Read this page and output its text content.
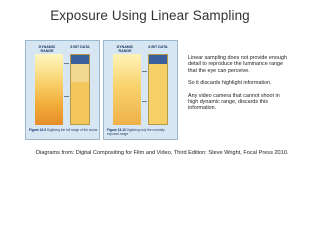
Exposure Using Linear Sampling
DYNAMIC RANGE
8 BIT DATA
Figure 13-9 Digitizing the full range of the scene
DYNAMIC RANGE
8 BIT DATA
Figure 13-10 Digitizing only the normally exposed range

Linear sampling does not provide enough detail to reproduce the luminance range that the eye can perceive.

So it discards highlight information.

Any video camera that cannot shoot in high dynamic range, discards this information.

Diagrams from: Digital Compositing for Film and Video, Third Edition: Steve Wright, Focal Press 2010.
